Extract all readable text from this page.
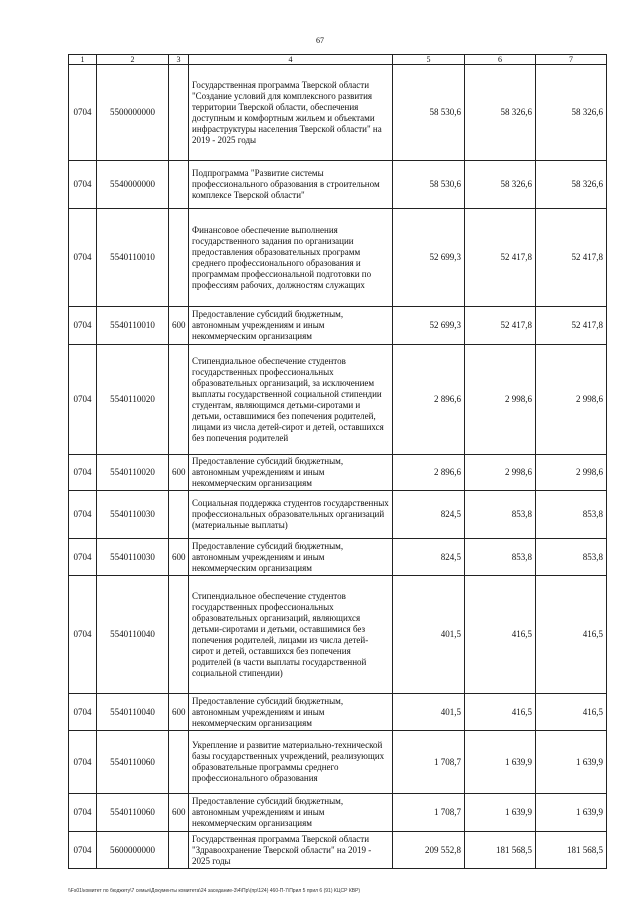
67
1	2	3	4	5	6	7
0704	5500000000		Государственная программа Тверской области "Создание условий для комплексного развития территории Тверской области, обеспечения доступным и комфортным жильем и объектами инфраструктуры населения Тверской области" на 2019 - 2025 годы	58 530,6	58 326,6	58 326,6
0704	5540000000		Подпрограмма "Развитие системы профессионального образования в строительном комплексе Тверской области"	58 530,6	58 326,6	58 326,6
0704	5540110010		Финансовое обеспечение выполнения государственного задания по организации предоставления образовательных программ среднего профессионального образования и программам профессиональной подготовки по профессиям рабочих, должностям служащих	52 699,3	52 417,8	52 417,8
0704	5540110010	600	Предоставление субсидий бюджетным, автономным учреждениям и иным некоммерческим организациям	52 699,3	52 417,8	52 417,8
0704	5540110020		Стипендиальное обеспечение студентов государственных профессиональных образовательных организаций, за исключением выплаты государственной социальной стипендии студентам, являющимся детьми-сиротами и детьми, оставшимися без попечения родителей, лицами из числа детей-сирот и детей, оставшихся без попечения родителей	2 896,6	2 998,6	2 998,6
0704	5540110020	600	Предоставление субсидий бюджетным, автономным учреждениям и иным некоммерческим организациям	2 896,6	2 998,6	2 998,6
0704	5540110030		Социальная поддержка студентов государственных профессиональных образовательных организаций (материальные выплаты)	824,5	853,8	853,8
0704	5540110030	600	Предоставление субсидий бюджетным, автономным учреждениям и иным некоммерческим организациям	824,5	853,8	853,8
0704	5540110040		Стипендиальное обеспечение студентов государственных профессиональных образовательных организаций, являющихся детьми-сиротами и детьми, оставшимися без попечения родителей, лицами из числа детей-сирот и детей, оставшихся без попечения родителей (в части выплаты государственной социальной стипендии)	401,5	416,5	416,5
0704	5540110040	600	Предоставление субсидий бюджетным, автономным учреждениям и иным некоммерческим организациям	401,5	416,5	416,5
0704	5540110060		Укрепление и развитие материально-технической базы государственных учреждений, реализующих образовательные программы среднего профессионального образования	1 708,7	1 639,9	1 639,9
0704	5540110060	600	Предоставление субсидий бюджетным, автономным учреждениям и иным некоммерческим организациям	1 708,7	1 639,9	1 639,9
0704	5600000000		Государственная программа Тверской области "Здравоохранение Тверской области" на 2019 - 2025 годы	209 552,8	181 568,5	181 568,5
\\Fs01\комитет по бюджету\7 семья\Документы комитета\24 заседание-3\4\Пр\(пр\124) 460-П-7\Прил 5 прил 6 (91) КЦСР КВР)
